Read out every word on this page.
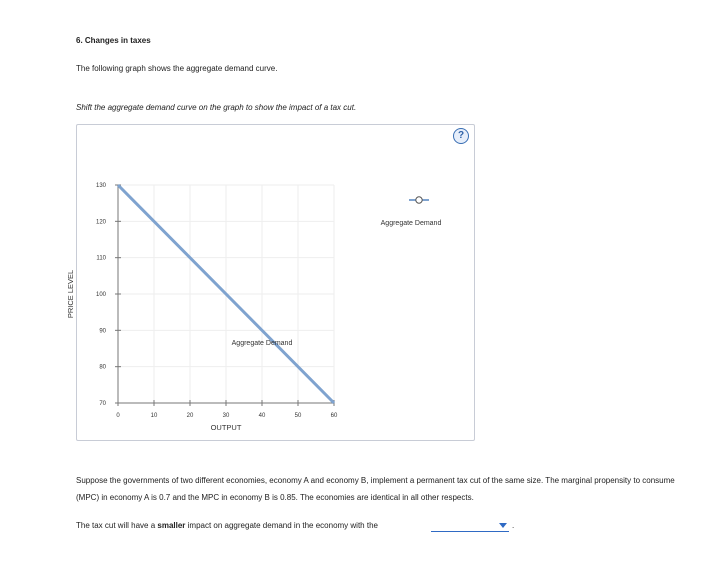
6. Changes in taxes
The following graph shows the aggregate demand curve.
Shift the aggregate demand curve on the graph to show the impact of a tax cut.
0	10	20	30	40	50	60
70
80
90
100
110
120
130
OUTPUT
PRICE LEVEL
Aggregate Demand
Aggregate Demand
?
Suppose the governments of two different economies, economy A and economy B, implement a permanent tax cut of the same size. The marginal propensity to consume (MPC) in economy A is 0.7 and the MPC in economy B is 0.85. The economies are identical in all other respects.
The tax cut will have a smaller impact on aggregate demand in the economy with the	.
